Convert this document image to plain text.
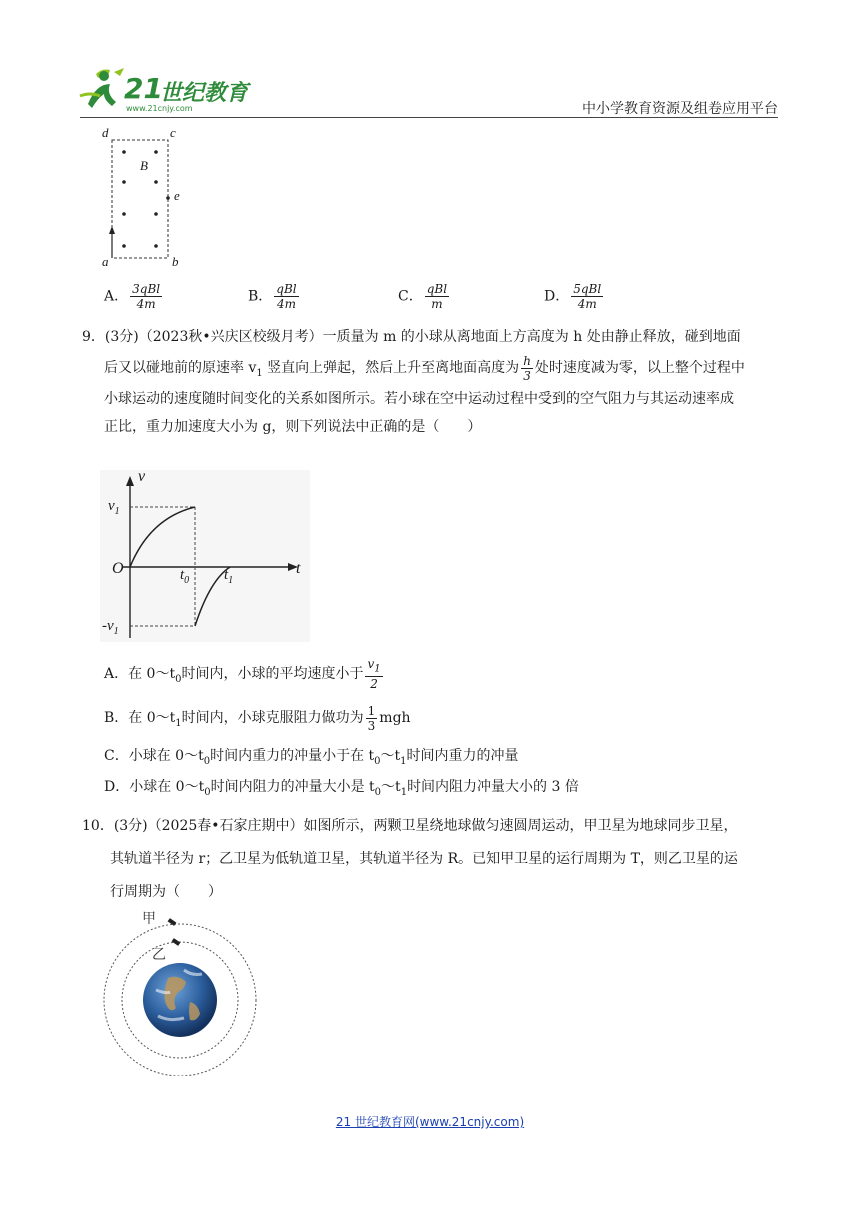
21
世纪教育
www.21cnjy.com	中小学教育资源及组卷应用平台
d	c
B
e
a	b
A． $\frac{\text{3qBl}}{4m}$	B． $\frac{\text{qBl}}{4m}$	C． $\frac{\text{qBl}}{m}$	D． $\frac{\text{5qBl}}{4m}$
9．(3分)（2023秋•兴庆区校级月考）一质量为 m 的小球从离地面上方高度为 h 处由静止释放，碰到地面
后又以碰地前的原速率 $v_1$ 竖直向上弹起，然后上升至离地面高度为 $\frac{h}{3}$ 处时速度减为零，以上整个过程中
小球运动的速度随时间变化的关系如图所示。若小球在空中运动过程中受到的空气阻力与其运动速率成
正比，重力加速度大小为 g，则下列说法中正确的是（　　）
v
t
O
$v_1$
$-v_1$
$t_0$ $t_1$
A．在 $0\sim t_0$时间内，小球的平均速度小于 $\frac{v_1}{2}$
B．在 $0\sim t_1$时间内，小球克服阻力做功为 $\frac{1}{3}$ mgh
C．小球在 $0\sim t_0$时间内重力的冲量小于在 $t_0\sim t_1$时间内重力的冲量
D．小球在 $0\sim t_0$时间内阻力的冲量大小是 $t_0\sim t_1$时间内阻力冲量大小的 3 倍
10．(3分)（2025春•石家庄期中）如图所示，两颗卫星绕地球做匀速圆周运动，甲卫星为地球同步卫星，
其轨道半径为 r；乙卫星为低轨道卫星，其轨道半径为 R。已知甲卫星的运行周期为 T，则乙卫星的运
行周期为（　　）
甲
乙
21 世纪教育网(www.21cnjy.com)
